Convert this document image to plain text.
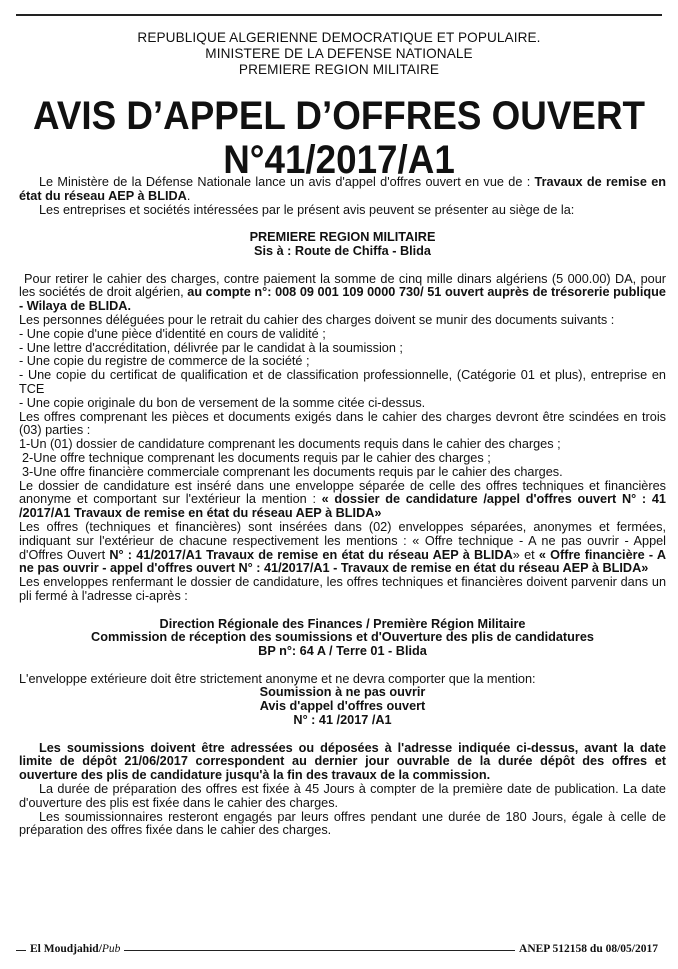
REPUBLIQUE ALGERIENNE DEMOCRATIQUE ET POPULAIRE.
MINISTERE DE LA DEFENSE NATIONALE
PREMIERE REGION MILITAIRE
AVIS D’APPEL D’OFFRES OUVERT
N°41/2017/A1

Le Ministère de la Défense Nationale lance un avis d'appel d'offres ouvert en vue de : Travaux de remise en état du réseau AEP à BLIDA.

Les entreprises et sociétés intéressées par le présent avis peuvent se présenter au siège de la:

PREMIERE REGION MILITAIRE

Sis à : Route de Chiffa - Blida

Pour retirer le cahier des charges, contre paiement la somme de cinq mille dinars algériens (5 000.00) DA, pour les sociétés de droit algérien, au compte n°: 008 09 001 109 0000 730/ 51 ouvert auprès de trésorerie publique - Wilaya de BLIDA.

Les personnes déléguées pour le retrait du cahier des charges doivent se munir des documents suivants :

- Une copie d'une pièce d'identité en cours de validité ;

- Une lettre d'accréditation, délivrée par le candidat à la soumission ;

- Une copie du registre de commerce de la société ;

- Une copie du certificat de qualification et de classification professionnelle, (Catégorie 01 et plus), entreprise en TCE

- Une copie originale du bon de versement de la somme citée ci-dessus.

Les offres comprenant les pièces et documents exigés dans le cahier des charges devront être scindées en trois (03) parties :

1-Un (01) dossier de candidature comprenant les documents requis dans le cahier des charges ;

2-Une offre technique comprenant les documents requis par le cahier des charges ;

3-Une offre financière commerciale comprenant les documents requis par le cahier des charges.

Le dossier de candidature est inséré dans une enveloppe séparée de celle des offres techniques et financières anonyme et comportant sur l'extérieur la mention : « dossier de candidature /appel d'offres ouvert N° : 41 /2017/A1 Travaux de remise en état du réseau AEP à BLIDA»

Les offres (techniques et financières) sont insérées dans (02) enveloppes séparées, anonymes et fermées, indiquant sur l'extérieur de chacune respectivement les mentions : « Offre technique - A ne pas ouvrir - Appel d'Offres Ouvert N° : 41/2017/A1 Travaux de remise en état du réseau AEP à BLIDA» et « Offre financière - A ne pas ouvrir - appel d'offres ouvert N° : 41/2017/A1 - Travaux de remise en état du réseau AEP à BLIDA»

Les enveloppes renfermant le dossier de candidature, les offres techniques et financières doivent parvenir dans un pli fermé à l'adresse ci-après :

Direction Régionale des Finances / Première Région Militaire

Commission de réception des soumissions et d'Ouverture des plis de candidatures

BP n°: 64 A / Terre 01 - Blida

L'enveloppe extérieure doit être strictement anonyme et ne devra comporter que la mention:

Soumission à ne pas ouvrir

Avis d'appel d'offres ouvert

N° : 41 /2017 /A1

Les soumissions doivent être adressées ou déposées à l'adresse indiquée ci-dessus, avant la date limite de dépôt 21/06/2017 correspondent au dernier jour ouvrable de la durée dépôt des offres et ouverture des plis de candidature jusqu'à la fin des travaux de la commission.

La durée de préparation des offres est fixée à 45 Jours à compter de la première date de publication. La date d'ouverture des plis est fixée dans le cahier des charges.

Les soumissionnaires resteront engagés par leurs offres pendant une durée de 180 Jours, égale à celle de préparation des offres fixée dans le cahier des charges.

El Moudjahid/Pub	ANEP 512158 du 08/05/2017
